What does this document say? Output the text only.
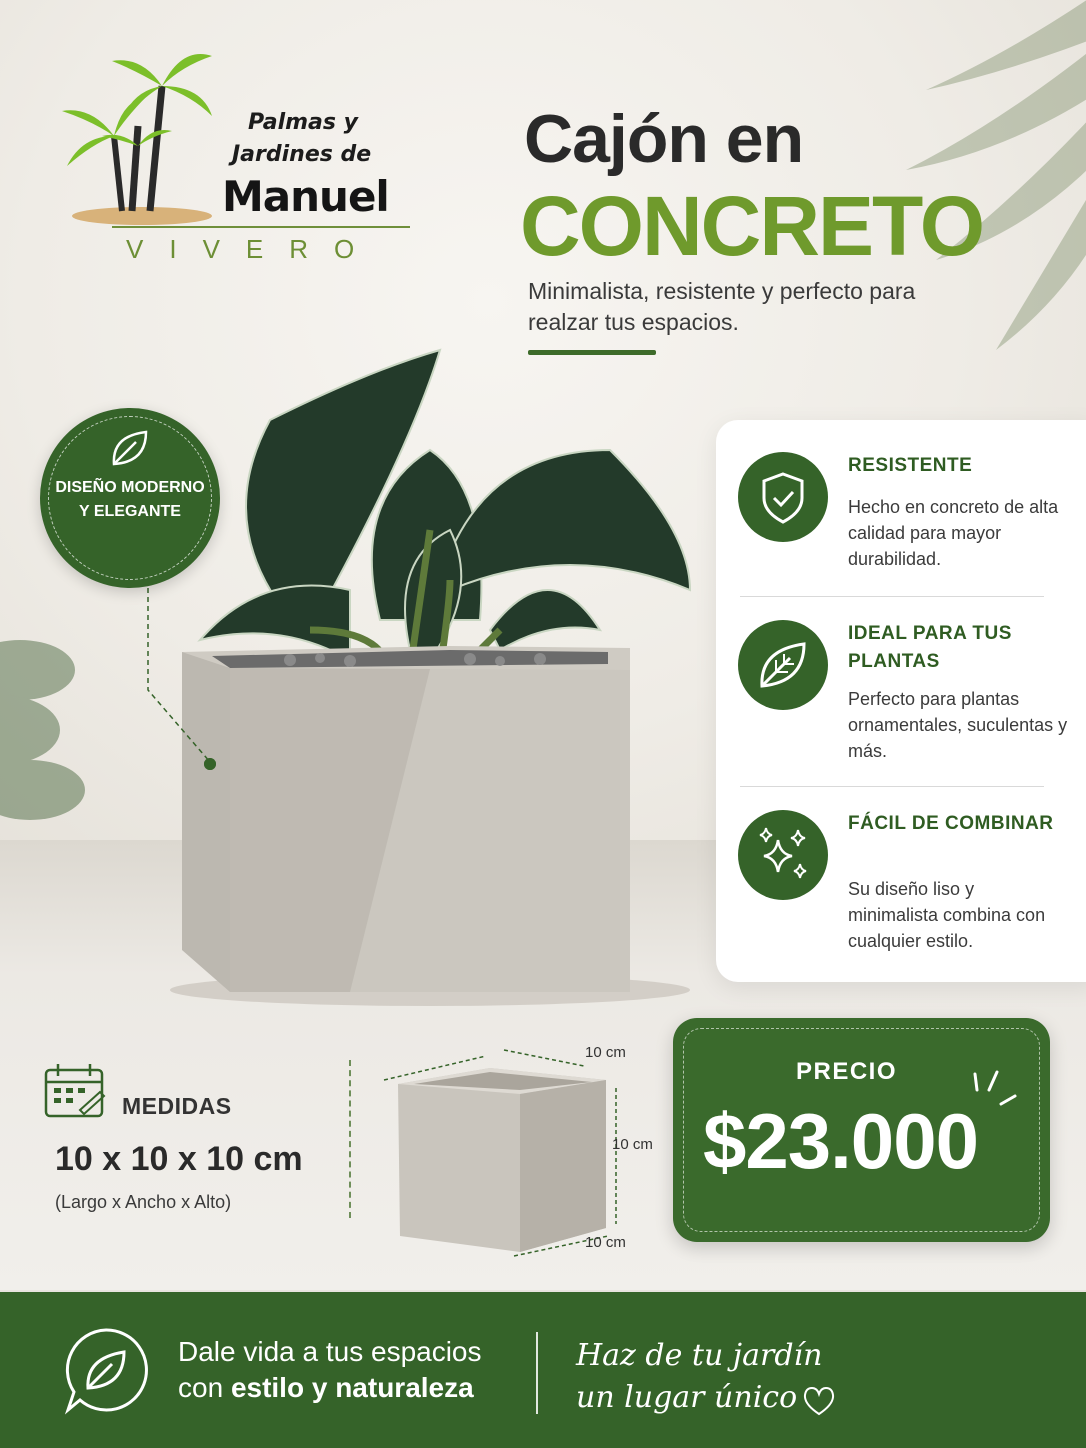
Palmas y
Jardines de
Manuel
VIVERO
Cajón en
CONCRETO
Minimalista, resistente y perfecto para realzar tus espacios.
DISEÑO MODERNO Y ELEGANTE
RESISTENTE
Hecho en concreto de alta calidad para mayor durabilidad.
IDEAL PARA TUS PLANTAS
Perfecto para plantas ornamentales, suculentas y más.
FÁCIL DE COMBINAR
Su diseño liso y minimalista combina con cualquier estilo.
MEDIDAS
10 x 10 x 10 cm
(Largo x Ancho x Alto)
10 cm
10 cm
10 cm
PRECIO
$23.000
Dale vida a tus espacios con estilo y naturaleza
Haz de tu jardín
un lugar único
